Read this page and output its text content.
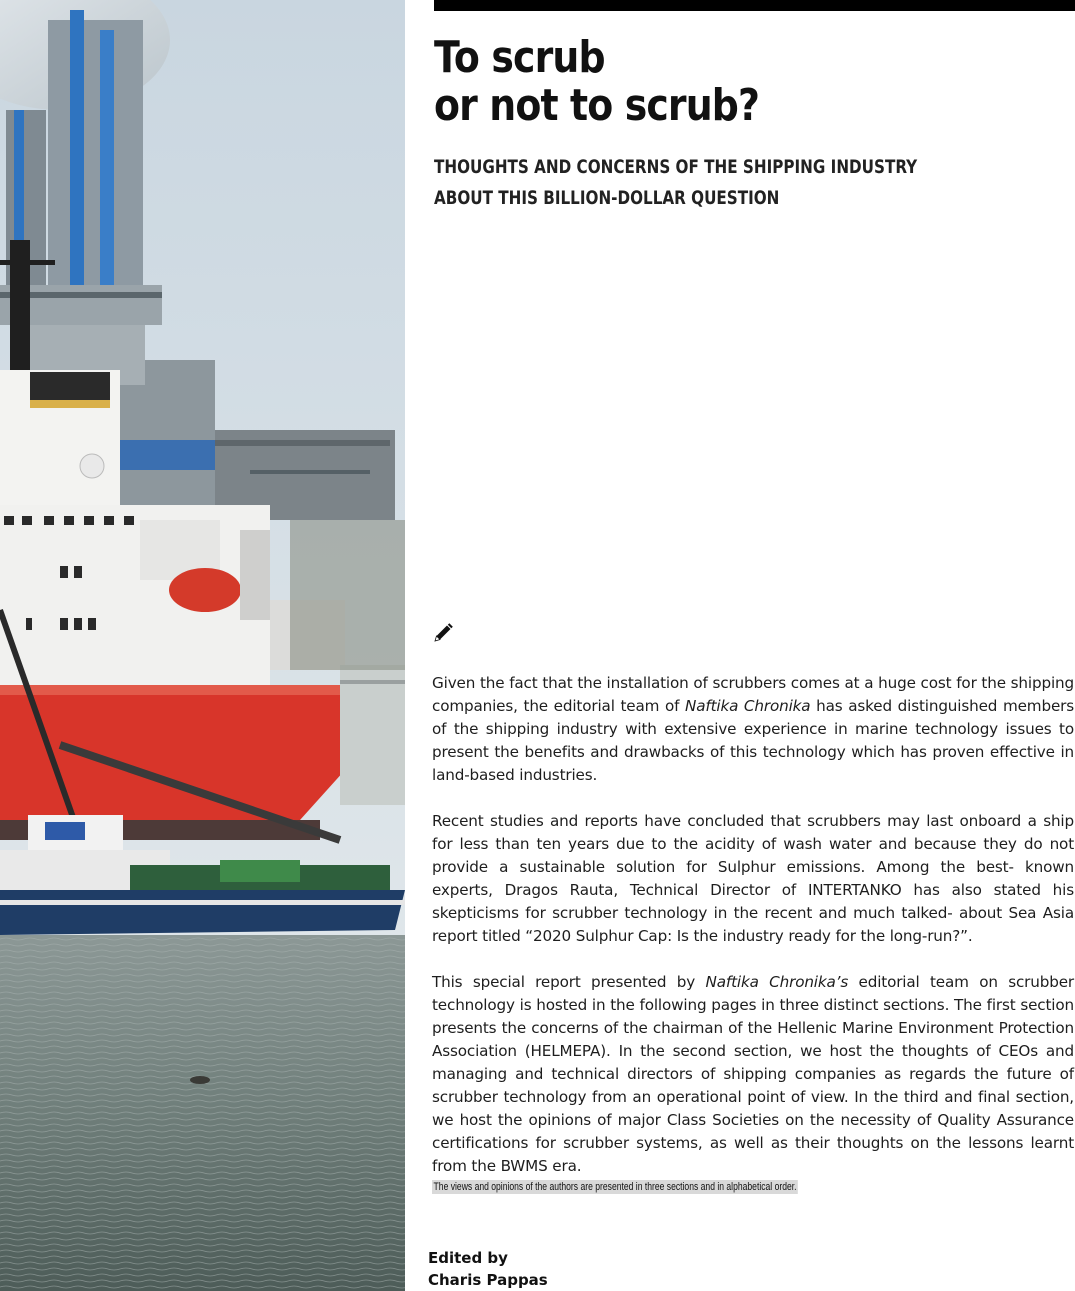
To scrub
or not to scrub?
THOUGHTS AND CONCERNS OF THE SHIPPING INDUSTRY
ABOUT THIS BILLION-DOLLAR QUESTION

Given the fact that the installation of scrubbers comes at a huge cost for the shipping companies, the editorial team of Naftika Chronika has asked distinguished members of the shipping industry with extensive experience in marine technology issues to present the benefits and drawbacks of this technology which has proven effective in land-based industries.

Recent studies and reports have concluded that scrubbers may last onboard a ship for less than ten years due to the acidity of wash water and because they do not provide a sustainable solution for Sulphur emissions. Among the best- known experts, Dragos Rauta, Technical Director of INTERTANKO has also stated his skepticisms for scrubber technology in the recent and much talked- about Sea Asia report titled “2020 Sulphur Cap: Is the industry ready for the long-run?”.

This special report presented by Naftika Chronika’s editorial team on scrubber technology is hosted in the following pages in three distinct sections. The first section presents the concerns of the chairman of the Hellenic Marine Environment Protection Association (HELMEPA). In the second section, we host the thoughts of CEOs and managing and technical directors of shipping companies as regards the future of scrubber technology from an operational point of view. In the third and final section, we host the opinions of major Class Societies on the necessity of Quality Assurance certifications for scrubber systems, as well as their thoughts on the lessons learnt from the BWMS era.

The views and opinions of the authors are presented in three sections and in alphabetical order.
Edited by
Charis Pappas
